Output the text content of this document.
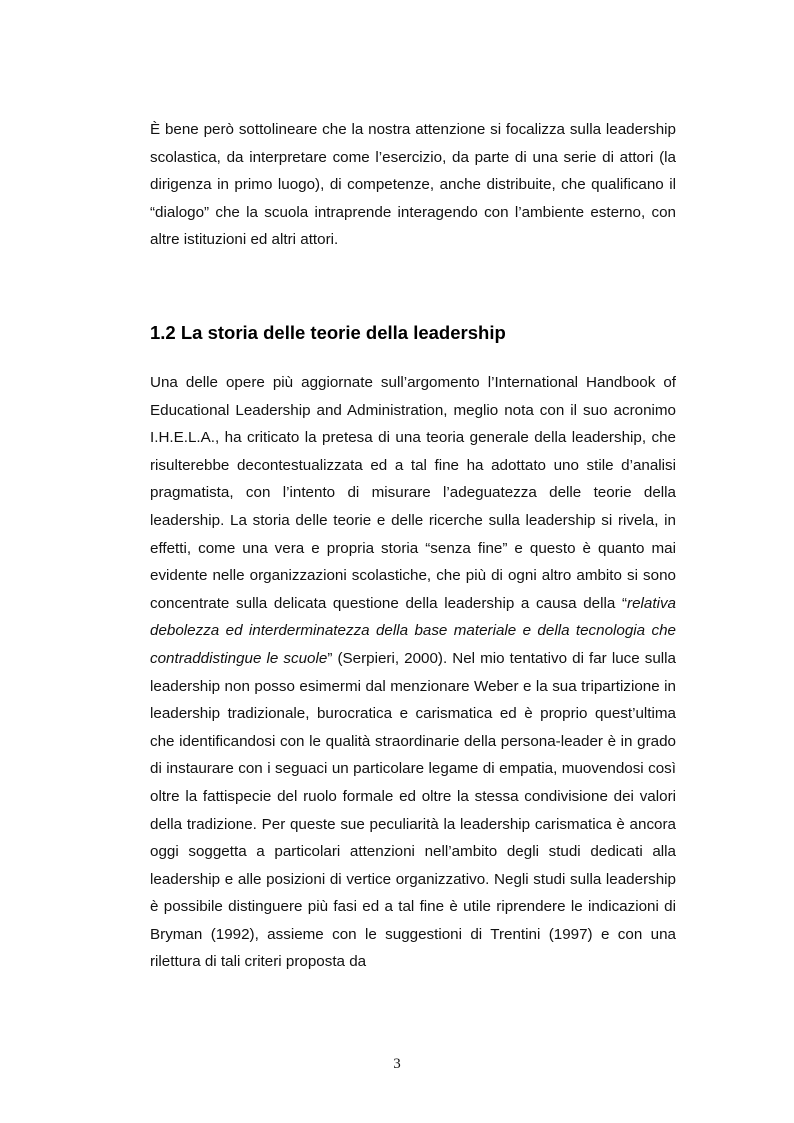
È bene però sottolineare che la nostra attenzione si focalizza sulla leadership scolastica, da interpretare come l’esercizio, da parte di una serie di attori (la dirigenza in primo luogo), di competenze, anche distribuite, che qualificano il “dialogo” che la scuola intraprende interagendo con l’ambiente esterno, con altre istituzioni ed altri attori.

1.2 La storia delle teorie della leadership

Una delle opere più aggiornate sull’argomento l’International Handbook of Educational Leadership and Administration, meglio nota con il suo acronimo I.H.E.L.A., ha criticato la pretesa di una teoria generale della leadership, che risulterebbe decontestualizzata ed a tal fine ha adottato uno stile d’analisi pragmatista, con l’intento di misurare l’adeguatezza delle teorie della leadership. La storia delle teorie e delle ricerche sulla leadership si rivela, in effetti, come una vera e propria storia “senza fine” e questo è quanto mai evidente nelle organizzazioni scolastiche, che più di ogni altro ambito si sono concentrate sulla delicata questione della leadership a causa della “relativa debolezza ed interderminatezza della base materiale e della tecnologia che contraddistingue le scuole” (Serpieri, 2000). Nel mio tentativo di far luce sulla leadership non posso esimermi dal menzionare Weber e la sua tripartizione in leadership tradizionale, burocratica e carismatica ed è proprio quest’ultima che identificandosi con le qualità straordinarie della persona-leader è in grado di instaurare con i seguaci un particolare legame di empatia, muovendosi così oltre la fattispecie del ruolo formale ed oltre la stessa condivisione dei valori della tradizione. Per queste sue peculiarità la leadership carismatica è ancora oggi soggetta a particolari attenzioni nell’ambito degli studi dedicati alla leadership e alle posizioni di vertice organizzativo. Negli studi sulla leadership è possibile distinguere più fasi ed a tal fine è utile riprendere le indicazioni di Bryman (1992), assieme con le suggestioni di Trentini (1997) e con una rilettura di tali criteri proposta da

3
